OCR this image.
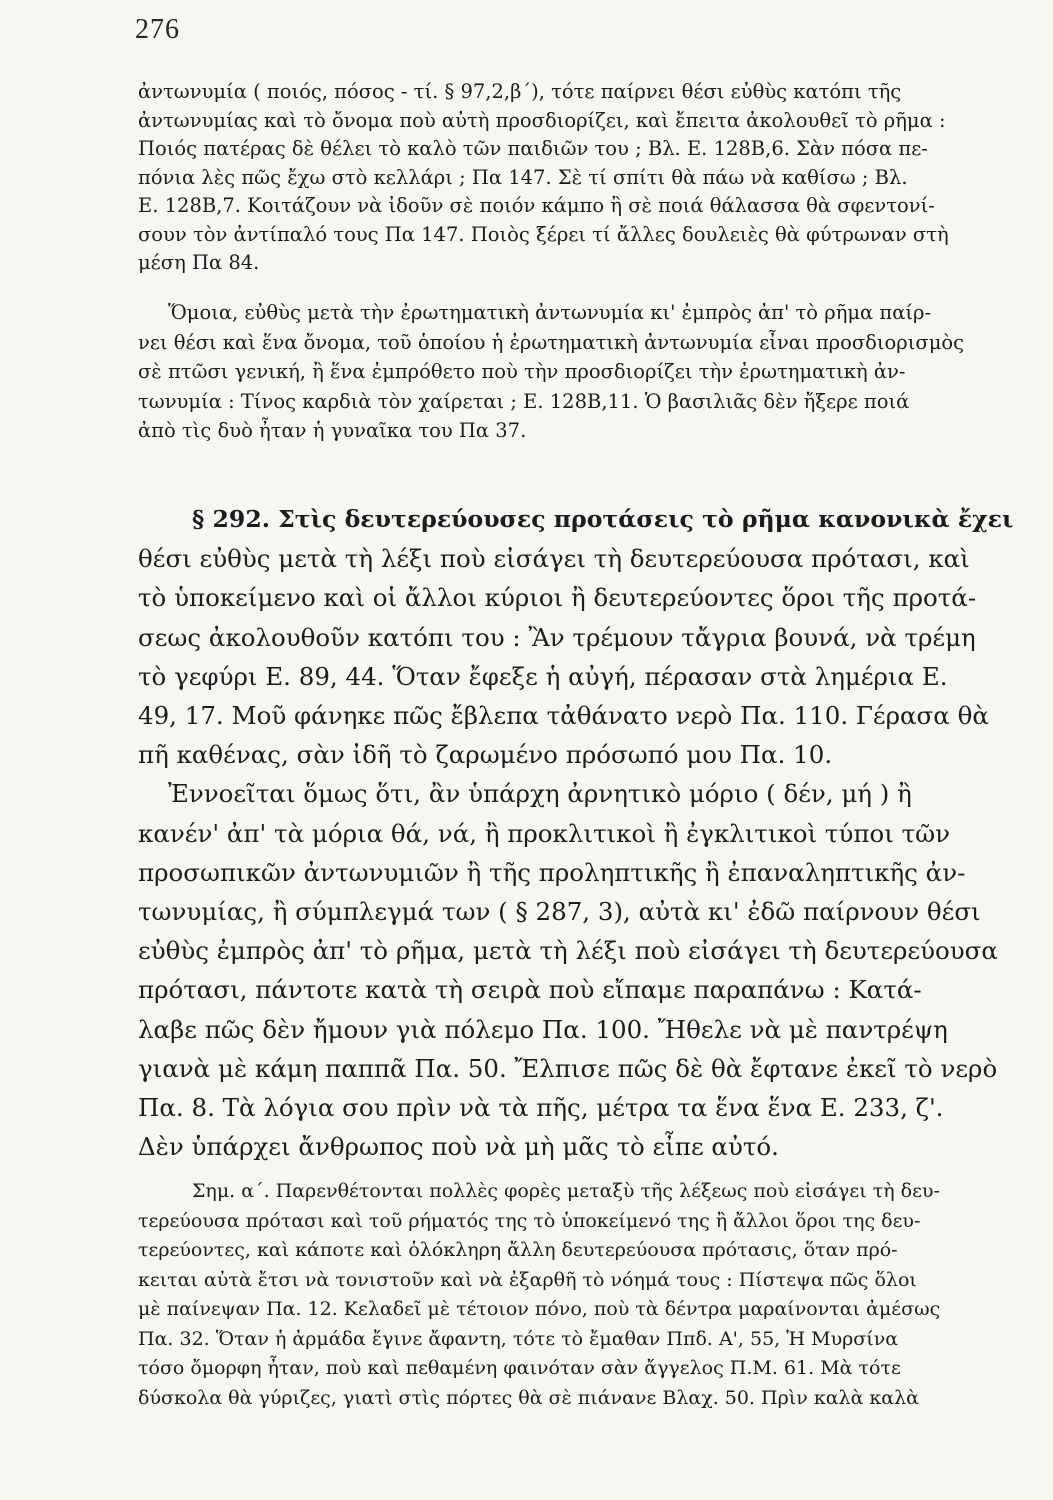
276
ἀντωνυμία ( ποιός, πόσος - τί. § 97,2,β΄), τότε παίρνει θέσι εὐθὺς κατόπι τῆς
ἀντωνυμίας καὶ τὸ ὄνομα ποὺ αὐτὴ προσδιορίζει, καὶ ἔπειτα ἀκολουθεῖ τὸ ρῆμα :
Ποιός πατέρας δὲ θέλει τὸ καλὸ τῶν παιδιῶν του ; Βλ. Ε. 128Β,6. Σὰν πόσα πε-
πόνια λὲς πῶς ἔχω στὸ κελλάρι ; Πα 147. Σὲ τί σπίτι θὰ πάω νὰ καθίσω ; Βλ.
Ε. 128Β,7. Κοιτάζουν νὰ ἰδοῦν σὲ ποιόν κάμπο ἢ σὲ ποιά θάλασσα θὰ σφεντονί-
σουν τὸν ἀντίπαλό τους Πα 147. Ποιὸς ξέρει τί ἄλλες δουλειὲς θὰ φύτρωναν στὴ
μέση Πα 84.
Ὅμοια, εὐθὺς μετὰ τὴν ἐρωτηματικὴ ἀντωνυμία κι' ἐμπρὸς ἀπ' τὸ ρῆμα παίρ-
νει θέσι καὶ ἕνα ὄνομα, τοῦ ὁποίου ἡ ἐρωτηματικὴ ἀντωνυμία εἶναι προσδιορισμὸς
σὲ πτῶσι γενική, ἢ ἕνα ἐμπρόθετο ποὺ τὴν προσδιορίζει τὴν ἐρωτηματικὴ ἀν-
τωνυμία : Τίνος καρδιὰ τὸν χαίρεται ; Ε. 128Β,11. Ὁ βασιλιᾶς δὲν ἤξερε ποιά
ἀπὸ τὶς δυὸ ἦταν ἡ γυναῖκα του Πα 37.
§ 292. Στὶς δευτερεύουσες προτάσεις τὸ ρῆμα κανονικὰ ἔχει
θέσι εὐθὺς μετὰ τὴ λέξι ποὺ εἰσάγει τὴ δευτερεύουσα πρότασι, καὶ
τὸ ὑποκείμενο καὶ οἱ ἄλλοι κύριοι ἢ δευτερεύοντες ὅροι τῆς προτά-
σεως ἀκολουθοῦν κατόπι του : Ἂν τρέμουν τἄγρια βουνά, νὰ τρέμη
τὸ γεφύρι Ε. 89, 44. Ὅταν ἔφεξε ἡ αὐγή, πέρασαν στὰ λημέρια Ε.
49, 17. Μοῦ φάνηκε πῶς ἔβλεπα τἀθάνατο νερὸ Πα. 110. Γέρασα θὰ
πῆ καθένας, σὰν ἰδῆ τὸ ζαρωμένο πρόσωπό μου Πα. 10.
Ἐννοεῖται ὅμως ὅτι, ἂν ὑπάρχη ἀρνητικὸ μόριο ( δέν, μή ) ἢ
κανέν' ἀπ' τὰ μόρια θά, νά, ἢ προκλιτικοὶ ἢ ἐγκλιτικοὶ τύποι τῶν
προσωπικῶν ἀντωνυμιῶν ἢ τῆς προληπτικῆς ἢ ἐπαναληπτικῆς ἀν-
τωνυμίας, ἢ σύμπλεγμά των ( § 287, 3), αὐτὰ κι' ἐδῶ παίρνουν θέσι
εὐθὺς ἐμπρὸς ἀπ' τὸ ρῆμα, μετὰ τὴ λέξι ποὺ εἰσάγει τὴ δευτερεύουσα
πρότασι, πάντοτε κατὰ τὴ σειρὰ ποὺ εἴπαμε παραπάνω : Κατά-
λαβε πῶς δὲν ἤμουν γιὰ πόλεμο Πα. 100. Ἤθελε νὰ μὲ παντρέψη
γιανὰ μὲ κάμη παππᾶ Πα. 50. Ἔλπισε πῶς δὲ θὰ ἔφτανε ἐκεῖ τὸ νερὸ
Πα. 8. Τὰ λόγια σου πρὶν νὰ τὰ πῆς, μέτρα τα ἕνα ἕνα Ε. 233, ζ'.
Δὲν ὑπάρχει ἄνθρωπος ποὺ νὰ μὴ μᾶς τὸ εἶπε αὐτό.
Σημ. α΄. Παρενθέτονται πολλὲς φορὲς μεταξὺ τῆς λέξεως ποὺ εἰσάγει τὴ δευ-
τερεύουσα πρότασι καὶ τοῦ ρήματός της τὸ ὑποκείμενό της ἢ ἄλλοι ὅροι της δευ-
τερεύοντες, καὶ κάποτε καὶ ὁλόκληρη ἄλλη δευτερεύουσα πρότασις, ὅταν πρό-
κειται αὐτὰ ἔτσι νὰ τονιστοῦν καὶ νὰ ἐξαρθῆ τὸ νόημά τους : Πίστεψα πῶς ὅλοι
μὲ παίνεψαν Πα. 12. Κελαδεῖ μὲ τέτοιον πόνο, ποὺ τὰ δέντρα μαραίνονται ἀμέσως
Πα. 32. Ὅταν ἡ ἀρμάδα ἔγινε ἄφαντη, τότε τὸ ἔμαθαν Ππδ. Α', 55, Ἡ Μυρσίνα
τόσο ὄμορφη ἦταν, ποὺ καὶ πεθαμένη φαινόταν σὰν ἄγγελος Π.Μ. 61. Μὰ τότε
δύσκολα θὰ γύριζες, γιατὶ στὶς πόρτες θὰ σὲ πιάνανε Βλαχ. 50. Πρὶν καλὰ καλὰ
